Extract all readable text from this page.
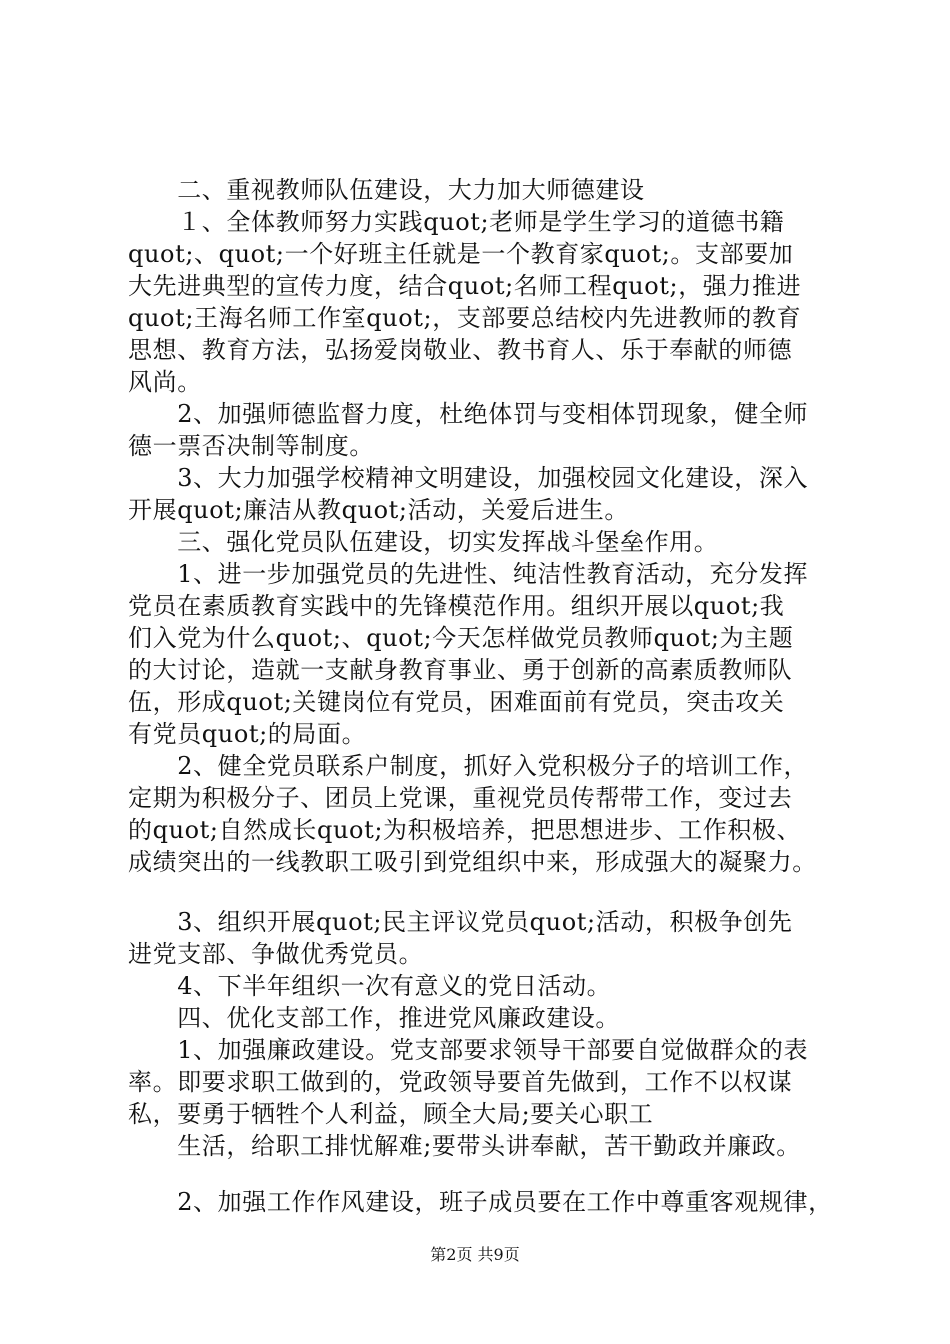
　　二、重视教师队伍建设，大力加大师德建设
　　１、全体教师努力实践quot;老师是学生学习的道德书籍
quot;、quot;一个好班主任就是一个教育家quot;。支部要加
大先进典型的宣传力度，结合quot;名师工程quot;，强力推进
quot;王海名师工作室quot;，支部要总结校内先进教师的教育
思想、教育方法，弘扬爱岗敬业、教书育人、乐于奉献的师德
风尚。
　　2、加强师德监督力度，杜绝体罚与变相体罚现象，健全师
德一票否决制等制度。
　　3、大力加强学校精神文明建设，加强校园文化建设，深入
开展quot;廉洁从教quot;活动，关爱后进生。
　　三、强化党员队伍建设，切实发挥战斗堡垒作用。
　　1、进一步加强党员的先进性、纯洁性教育活动，充分发挥
党员在素质教育实践中的先锋模范作用。组织开展以quot;我
们入党为什么quot;、quot;今天怎样做党员教师quot;为主题
的大讨论，造就一支献身教育事业、勇于创新的高素质教师队
伍，形成quot;关键岗位有党员，困难面前有党员，突击攻关
有党员quot;的局面。
　　2、健全党员联系户制度，抓好入党积极分子的培训工作，
定期为积极分子、团员上党课，重视党员传帮带工作，变过去
的quot;自然成长quot;为积极培养，把思想进步、工作积极、
成绩突出的一线教职工吸引到党组织中来，形成强大的凝聚力。
　　3、组织开展quot;民主评议党员quot;活动，积极争创先
进党支部、争做优秀党员。
　　4、下半年组织一次有意义的党日活动。
　　四、优化支部工作，推进党风廉政建设。
　　1、加强廉政建设。党支部要求领导干部要自觉做群众的表
率。即要求职工做到的，党政领导要首先做到，工作不以权谋
私，要勇于牺牲个人利益，顾全大局;要关心职工
　　生活，给职工排忧解难;要带头讲奉献，苦干勤政并廉政。
　　2、加强工作作风建设，班子成员要在工作中尊重客观规律，
第2页 共9页
